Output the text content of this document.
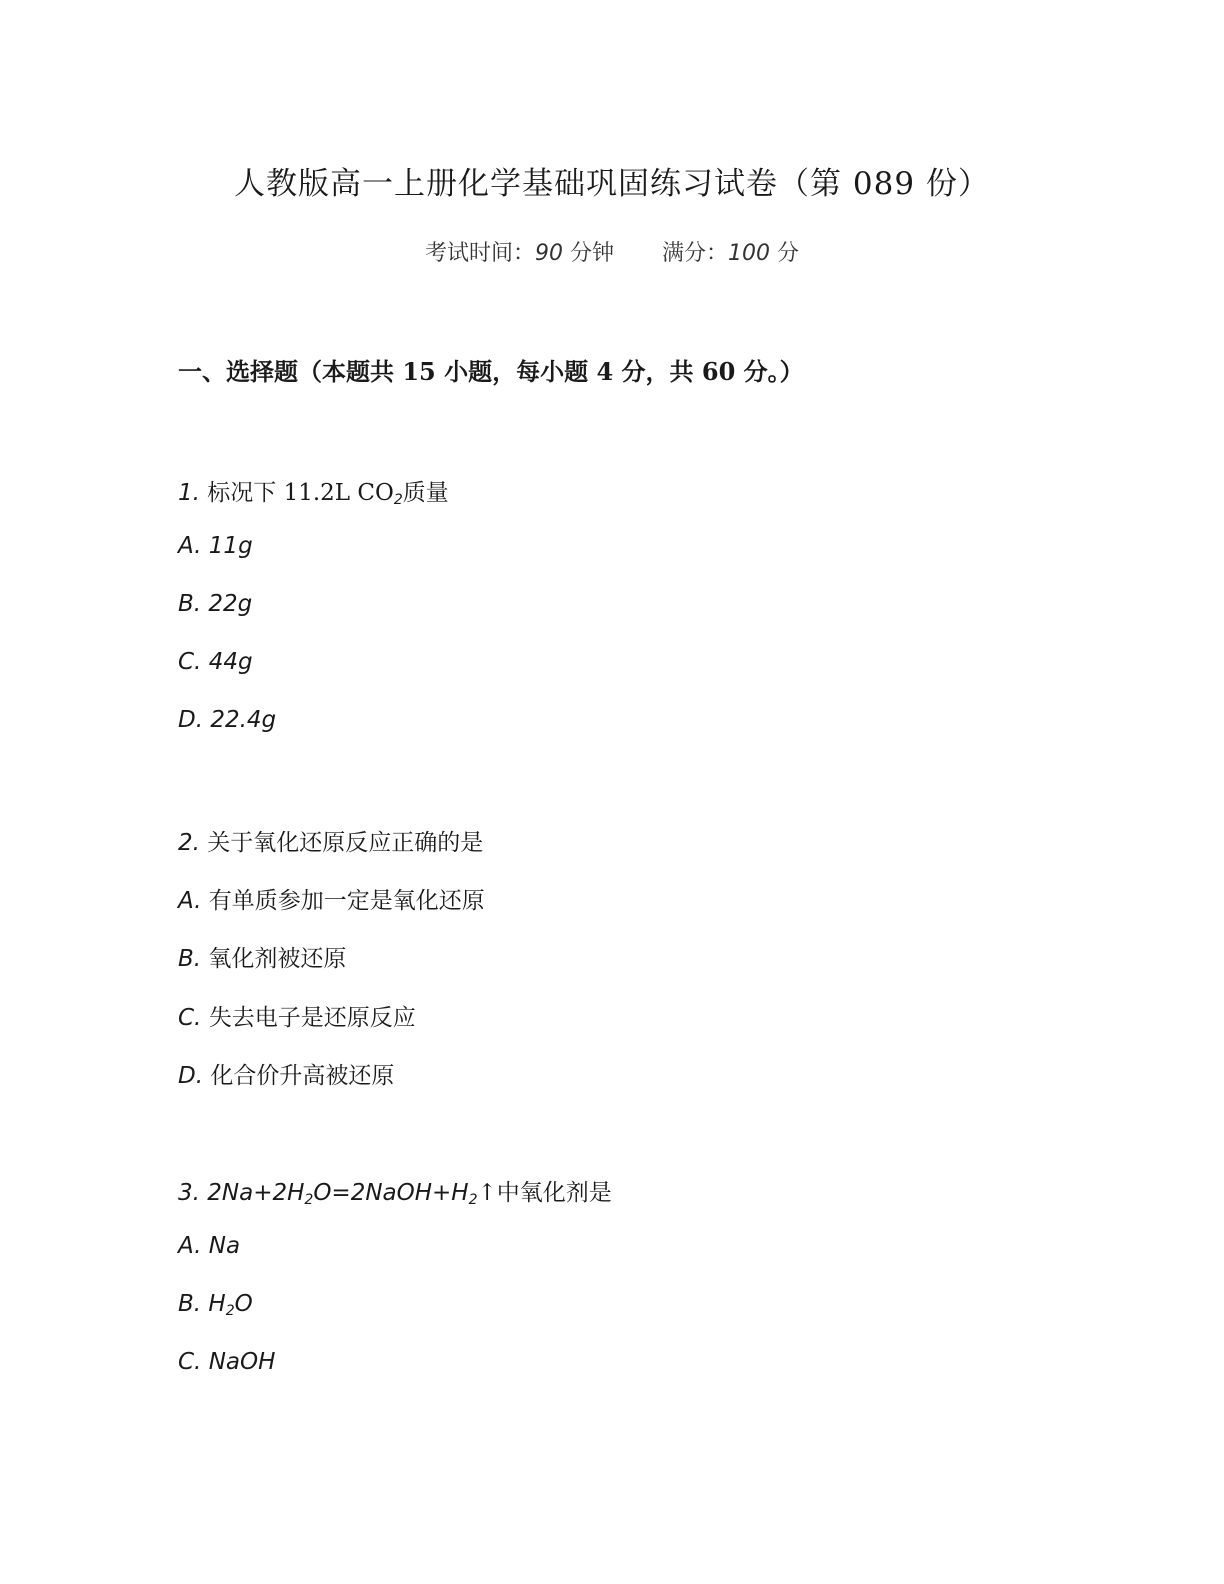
人教版高一上册化学基础巩固练习试卷（第 089 份）
考试时间：90 分钟 满分：100 分
一、选择题（本题共 15 小题，每小题 4 分，共 60 分。）
1. 标况下 11.2L $CO_2$质量
A. 11g
B. 22g
C. 44g
D. 22.4g
2. 关于氧化还原反应正确的是
A. 有单质参加一定是氧化还原
B. 氧化剂被还原
C. 失去电子是还原反应
D. 化合价升高被还原
3. $2Na+2H_2O=2NaOH+H_2↑$中氧化剂是
A. Na
B. $H_2O$
C. NaOH
